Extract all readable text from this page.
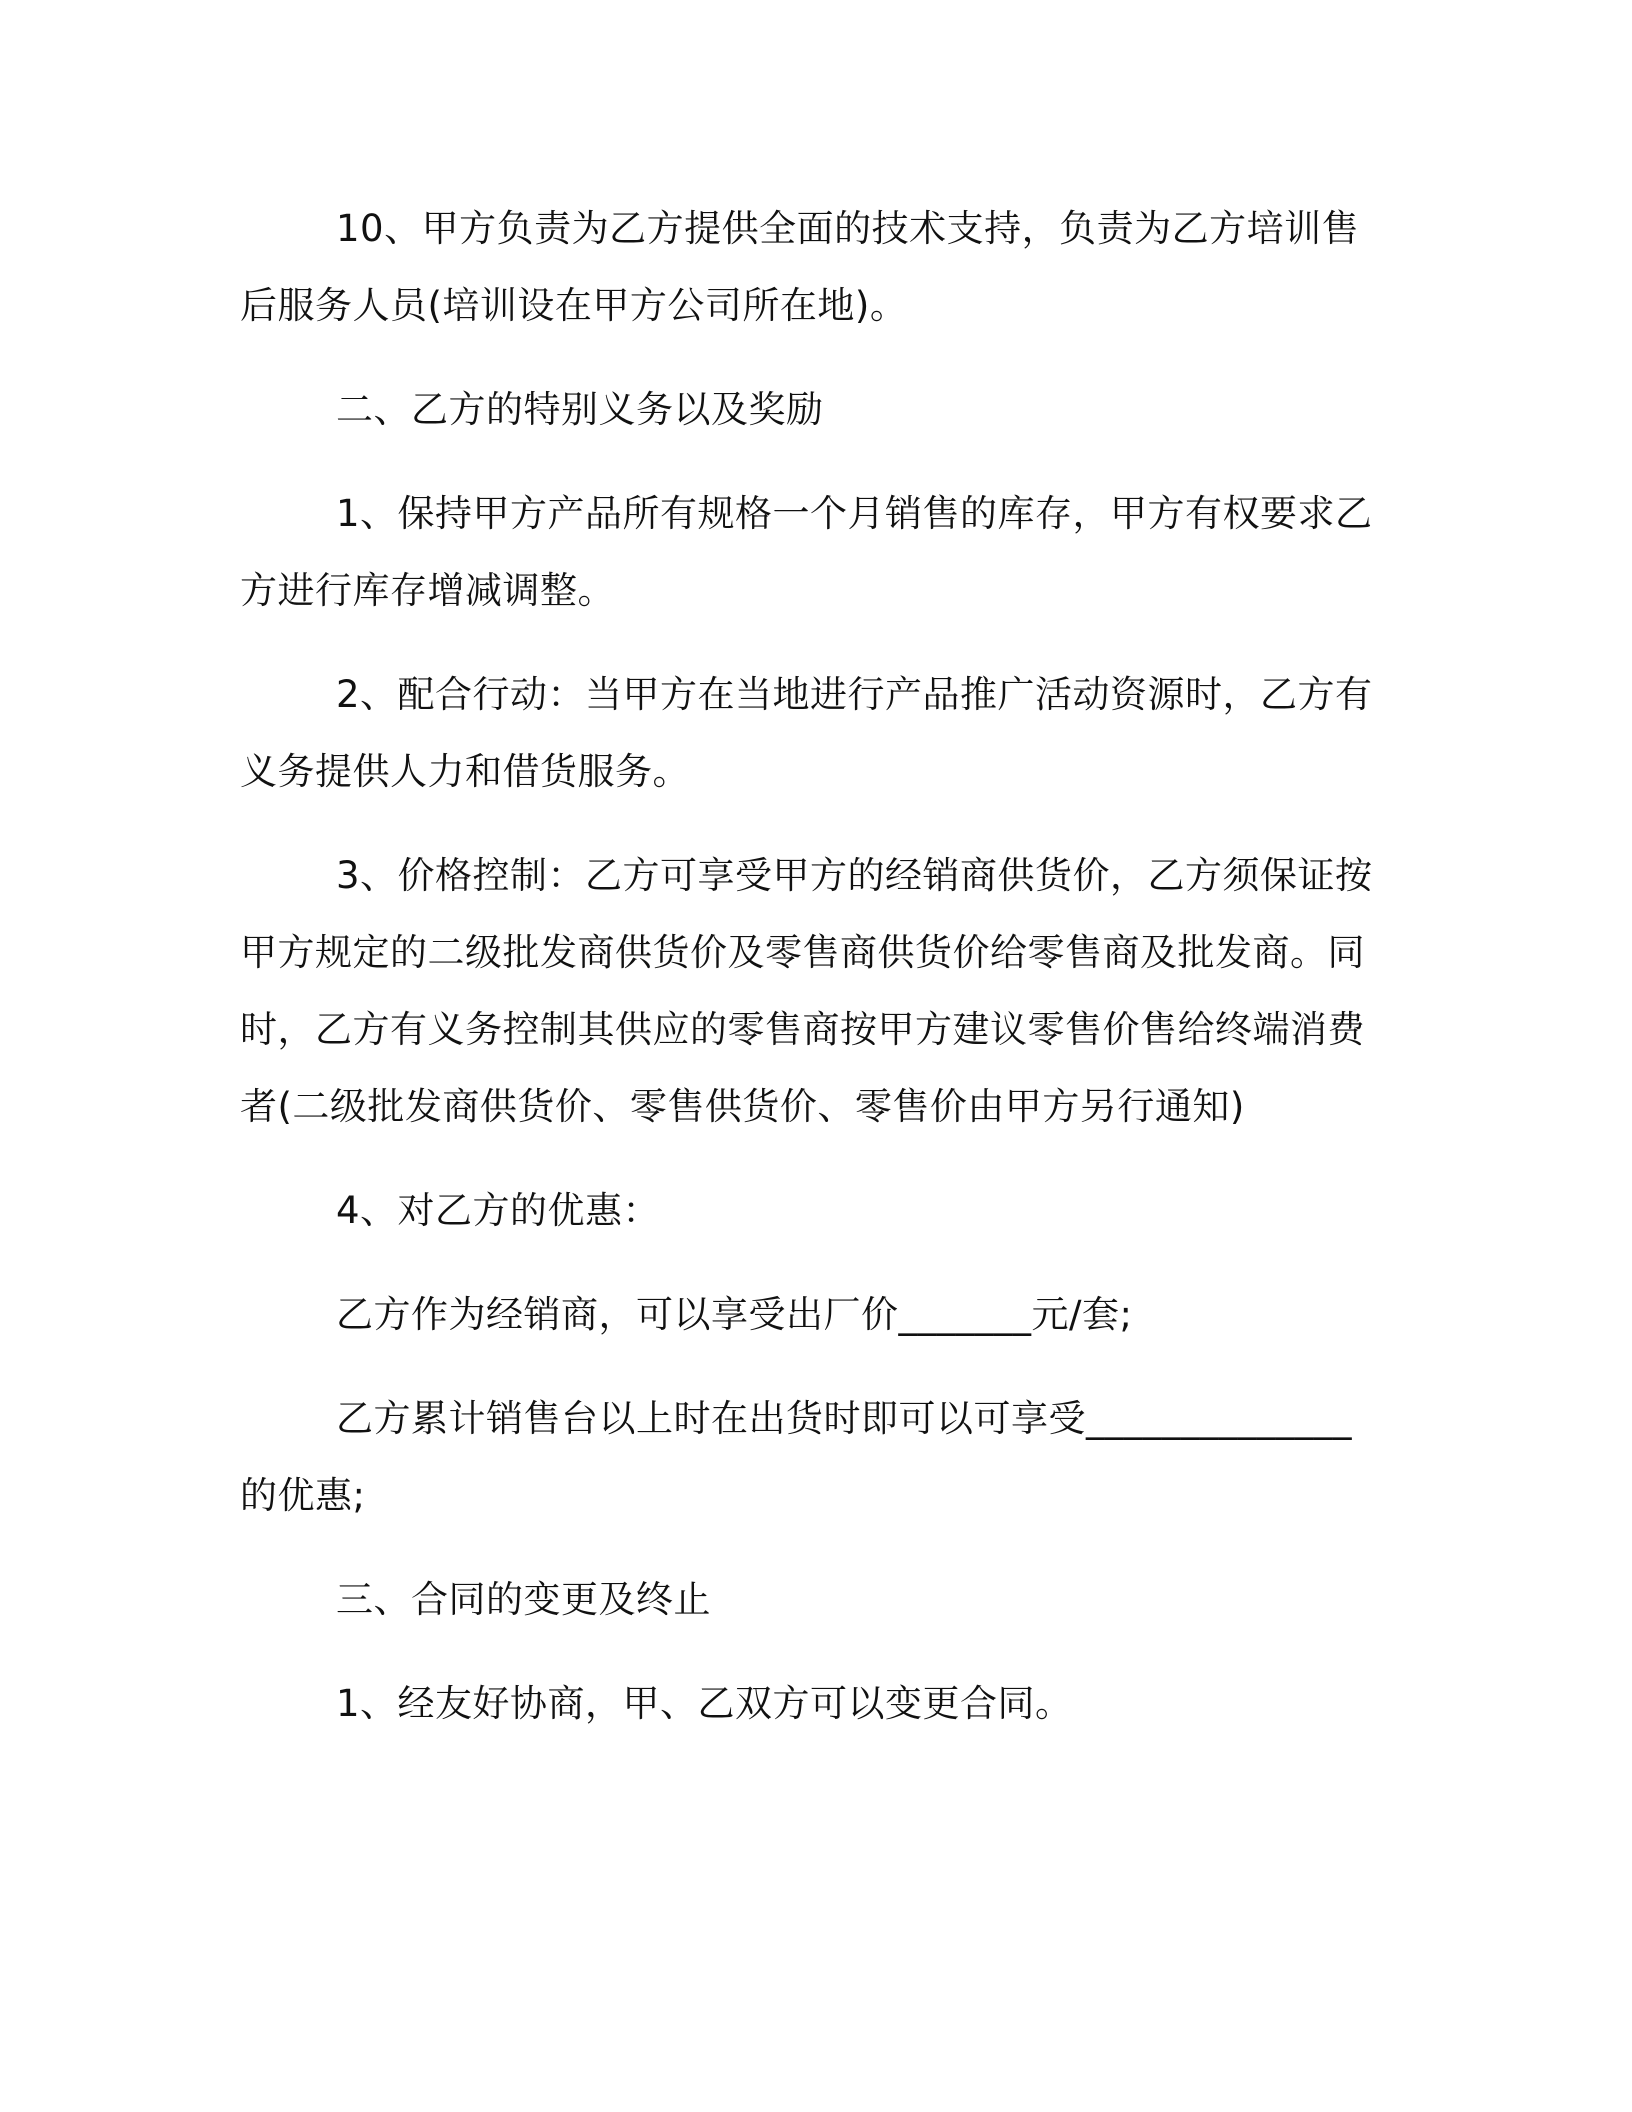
10、甲方负责为乙方提供全面的技术支持，负责为乙方培训售后服务人员(培训设在甲方公司所在地)。

二、乙方的特别义务以及奖励

1、保持甲方产品所有规格一个月销售的库存，甲方有权要求乙方进行库存增减调整。

2、配合行动：当甲方在当地进行产品推广活动资源时，乙方有义务提供人力和借货服务。

3、价格控制：乙方可享受甲方的经销商供货价，乙方须保证按甲方规定的二级批发商供货价及零售商供货价给零售商及批发商。同时，乙方有义务控制其供应的零售商按甲方建议零售价售给终端消费者(二级批发商供货价、零售供货价、零售价由甲方另行通知)

4、对乙方的优惠：

乙方作为经销商，可以享受出厂价_______元/套;

乙方累计销售台以上时在出货时即可以可享受______________的优惠;

三、合同的变更及终止

1、经友好协商，甲、乙双方可以变更合同。
